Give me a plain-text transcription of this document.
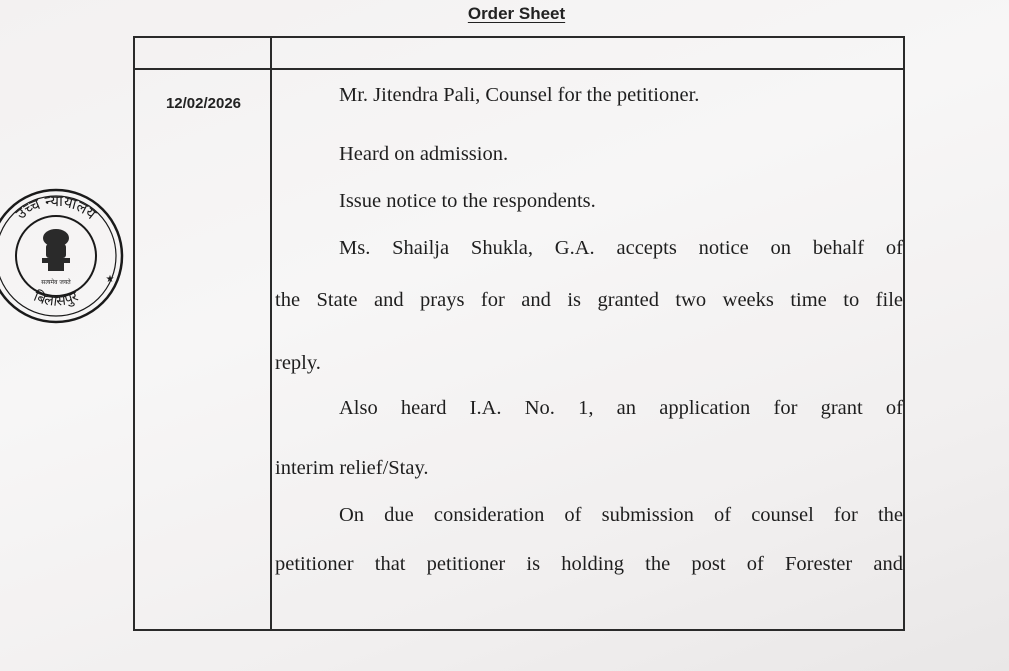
Order Sheet
उच्च न्यायालय
बिलासपुर
सत्यमेव जयते	★
12/02/2026	Mr. Jitendra Pali, Counsel for the petitioner.
Heard on admission.
Issue notice to the respondents.
Ms. Shailja Shukla, G.A. accepts notice on behalf of
the State and prays for and is granted two weeks time to file
reply.
Also heard I.A. No. 1, an application for grant of
interim relief/Stay.
On due consideration of submission of counsel for the
petitioner that petitioner is holding the post of Forester and
